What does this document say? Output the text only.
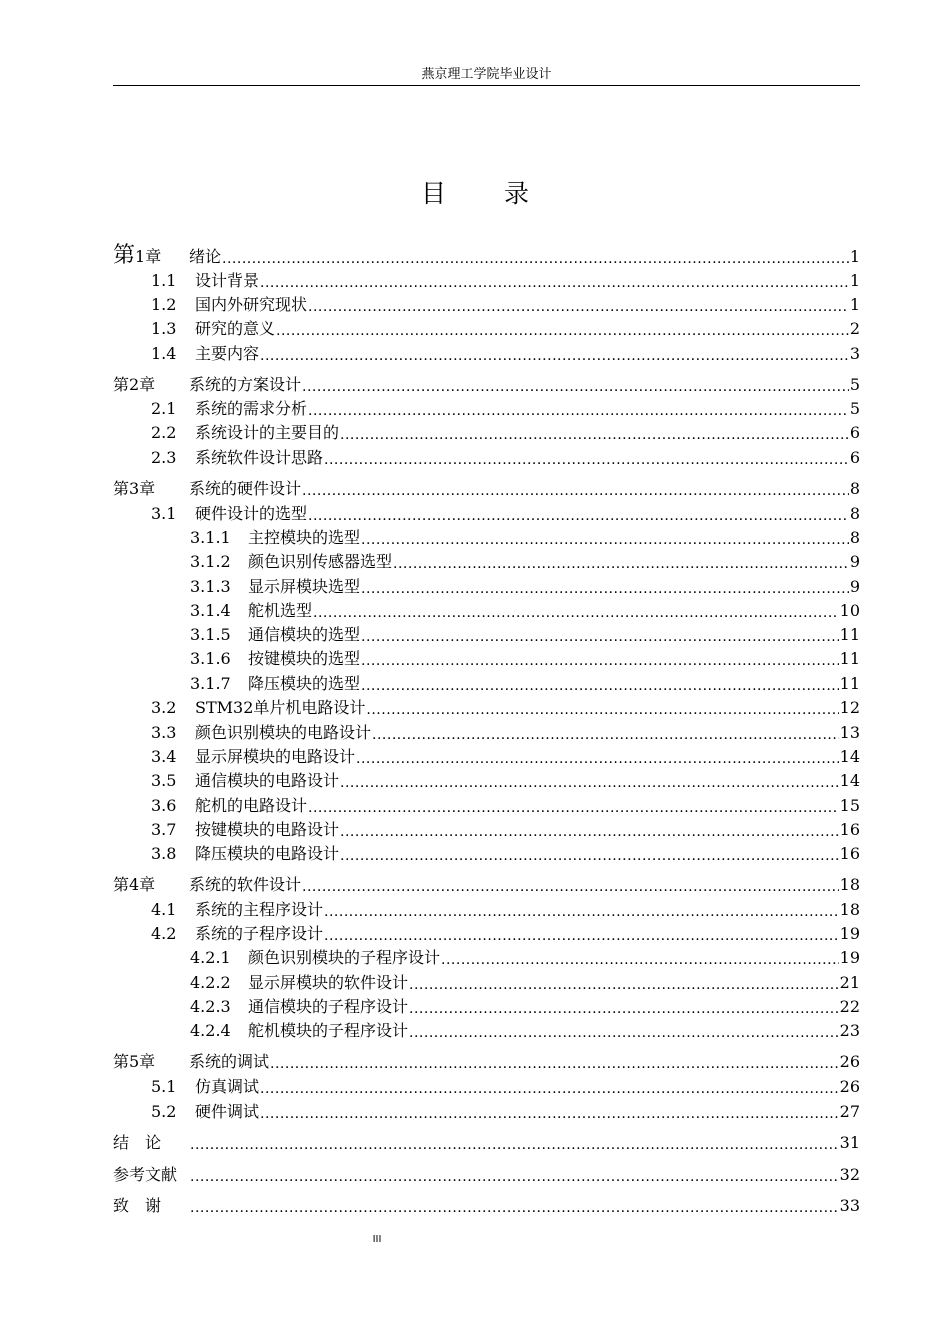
燕京理工学院毕业设计
目录
第1章	绪论 .....	1
1.1	设计背景 .....	1
1.2	国内外研究现状 .....	1
1.3	研究的意义 .....	2
1.4	主要内容 .....	3
第2章	系统的方案设计 .....	5
2.1	系统的需求分析 .....	5
2.2	系统设计的主要目的 .....	6
2.3	系统软件设计思路 .....	6
第3章	系统的硬件设计 .....	8
3.1	硬件设计的选型 .....	8
3.1.1	主控模块的选型 .....	8
3.1.2	颜色识别传感器选型 .....	9
3.1.3	显示屏模块选型 .....	9
3.1.4	舵机选型 .....	10
3.1.5	通信模块的选型 .....	11
3.1.6	按键模块的选型 .....	11
3.1.7	降压模块的选型 .....	11
3.2	STM32单片机电路设计 .....	12
3.3	颜色识别模块的电路设计 .....	13
3.4	显示屏模块的电路设计 .....	14
3.5	通信模块的电路设计 .....	14
3.6	舵机的电路设计 .....	15
3.7	按键模块的电路设计 .....	16
3.8	降压模块的电路设计 .....	16
第4章	系统的软件设计 .....	18
4.1	系统的主程序设计 .....	18
4.2	系统的子程序设计 .....	19
4.2.1	颜色识别模块的子程序设计 .....	19
4.2.2	显示屏模块的软件设计 .....	21
4.2.3	通信模块的子程序设计 .....	22
4.2.4	舵机模块的子程序设计 .....	23
第5章	系统的调试 .....	26
5.1	仿真调试 .....	26
5.2	硬件调试 .....	27
结　论 .....	31
参考文献 .....	32
致　谢 .....	33
III
